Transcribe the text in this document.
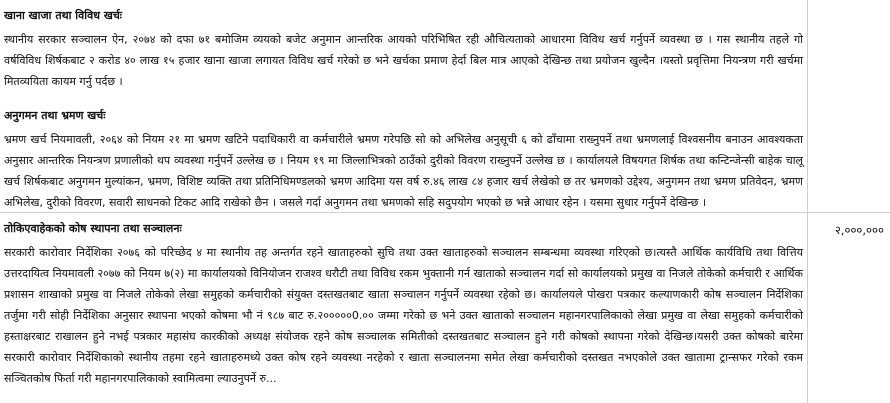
खाना खाजा तथा विविध खर्चः

स्थानीय सरकार सञ्चालन ऐन, २०७४ को दफा ७१ बमोजिम व्ययको बजेट अनुमान आन्तरिक आयको परिभिषित रही औचित्यताको आधारमा विविध खर्च गर्नुपर्ने व्यवस्था छ । गस स्थानीय तहले गो वर्षविविध शिर्षकबाट २ करोड ४० लाख १५ हजार खाना खाजा लगायत विविध खर्च गरेको छ भने खर्चका प्रमाण हेर्दा बिल मात्र आएको देखिन्छ तथा प्रयोजन खुल्दैन ।यस्तो प्रवृत्तिमा नियन्त्रण गरी खर्चमा मितव्ययिता कायम गर्नु पर्दछ ।

अनुगमन तथा भ्रमण खर्चः

भ्रमण खर्च नियमावली, २०६४ को नियम २१ मा भ्रमण खटिने पदाधिकारी वा कर्मचारीले भ्रमण गरेपछि सो को अभिलेख अनुसूची ६ को ढाँचामा राख्नुपर्ने तथा भ्रमणलाई विश्वसनीय बनाउन आवश्यकता अनुसार आन्तरिक नियन्त्रण प्रणालीको थप व्यवस्था गर्नुपर्ने उल्लेख छ । नियम १९ मा जिल्लाभित्रको ठाउँको दुरीको विवरण राख्नुपर्ने उल्लेख छ । कार्यालयले विषयगत शिर्षक तथा कन्टिन्जेन्सी बाहेक चालू खर्च शिर्षकबाट अनुगमन मुल्यांकन, भ्रमण, विशिष्ट व्यक्ति तथा प्रतिनिधिमण्डलको भ्रमण आदिमा यस वर्ष रु.४६ लाख ८४ हजार खर्च लेखेको छ तर भ्रमणको उद्देश्य, अनुगमन तथा भ्रमण प्रतिवेदन, भ्रमण अभिलेख, दुरीको विवरण, सवारी साधनको टिकट आदि राखेको छैन । जसले गर्दा अनुगमन तथा भ्रमणको सहि सदुपयोग भएको छ भन्ने आधार रहेन । यसमा सुधार गर्नुपर्ने देखिन्छ ।

तोकिएवाहेकको कोष स्थापना तथा सञ्चालनः

सरकारी कारोवार निर्देशिका २०७६ को परिच्छेद ४ मा स्थानीय तह अन्तर्गत रहने खाताहरुको सुचि तथा उक्त खाताहरुको सञ्चालन सम्बन्धमा व्यवस्था गरिएको छ।त्यस्तै आर्थिक कार्यविधि तथा वित्तिय उत्तरदायित्व नियमावली २०७७ को नियम ७(२) मा कार्यालयको विनियोजन राजश्व धरौटी तथा विविध रकम भुक्तानी गर्न खाताको सञ्चालन गर्दा सो कार्यालयको प्रमुख वा निजले तोकेको कर्मचारी र आर्थिक प्रशासन शाखाको प्रमुख वा निजले तोकेको लेखा समुहको कर्मचारीको संयुक्त दस्तखतबाट खाता सञ्चालन गर्नुपर्ने व्यवस्था रहेको छ। कार्यालयले पोखरा पत्रकार कल्याणकारी कोष सञ्चालन निर्देशिका तर्जुमा गरी सोही निर्देशिका अनुसार स्थापना भएको कोषमा भौ नं ९८७ बाट रु.२०००००0.०० जम्मा गरेको छ भने उक्त खाताको सञ्चालन महानगरपालिकाको लेखा प्रमुख वा लेखा समुहको कर्मचारीको हस्ताक्षरबाट राखालन हुने नभई पत्रकार महासंघ कारकीको अध्यक्ष संयोजक रहने कोष सञ्चालक समितीको दस्तखतबाट सञ्चालन हुने गरी कोषको स्थापना गरेको देखिन्छ।यसरी उक्त कोषको बारेमा सरकारी कारोवार निर्देशिकाको स्थानीय तहमा रहने खाताहरुमध्ये उक्त कोष रहने व्यवस्था नरहेको र खाता सञ्चालनमा समेत लेखा कर्मचारीको दस्तखत नभएकोले उक्त खातामा ट्रान्सफर गरेको रकम सञ्चितकोष फिर्ता गरी महानगरपालिकाको स्वामित्वमा ल्याउनुपर्ने रु...

२,०००,०००
